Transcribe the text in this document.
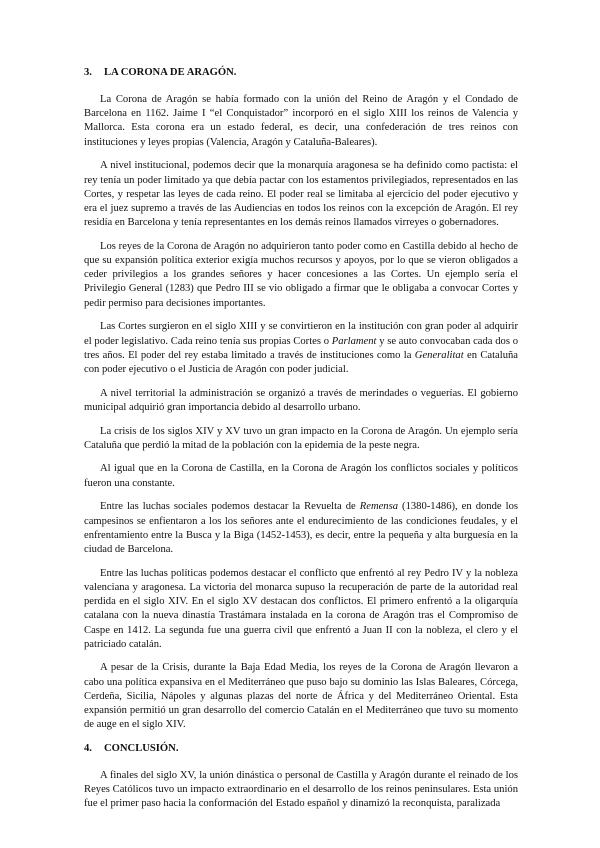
3. LA CORONA DE ARAGÓN.

La Corona de Aragón se había formado con la unión del Reino de Aragón y el Condado de Barcelona en 1162. Jaime I “el Conquistador” incorporó en el siglo XIII los reinos de Valencia y Mallorca. Esta corona era un estado federal, es decir, una confederación de tres reinos con instituciones y leyes propias (Valencia, Aragón y Cataluña-Baleares).

A nivel institucional, podemos decir que la monarquía aragonesa se ha definido como pactista: el rey tenía un poder limitado ya que debía pactar con los estamentos privilegiados, representados en las Cortes, y respetar las leyes de cada reino. El poder real se limitaba al ejercicio del poder ejecutivo y era el juez supremo a través de las Audiencias en todos los reinos con la excepción de Aragón. El rey residía en Barcelona y tenía representantes en los demás reinos llamados virreyes o gobernadores.

Los reyes de la Corona de Aragón no adquirieron tanto poder como en Castilla debido al hecho de que su expansión política exterior exigía muchos recursos y apoyos, por lo que se vieron obligados a ceder privilegios a los grandes señores y hacer concesiones a las Cortes. Un ejemplo sería el Privilegio General (1283) que Pedro III se vio obligado a firmar que le obligaba a convocar Cortes y pedir permiso para decisiones importantes.

Las Cortes surgieron en el siglo XIII y se convirtieron en la institución con gran poder al adquirir el poder legislativo. Cada reino tenía sus propias Cortes o Parlament y se auto convocaban cada dos o tres años. El poder del rey estaba limitado a través de instituciones como la Generalitat en Cataluña con poder ejecutivo o el Justicia de Aragón con poder judicial.

A nivel territorial la administración se organizó a través de merindades o veguerías. El gobierno municipal adquirió gran importancia debido al desarrollo urbano.

La crisis de los siglos XIV y XV tuvo un gran impacto en la Corona de Aragón. Un ejemplo sería Cataluña que perdió la mitad de la población con la epidemia de la peste negra.

Al igual que en la Corona de Castilla, en la Corona de Aragón los conflictos sociales y políticos fueron una constante.

Entre las luchas sociales podemos destacar la Revuelta de Remensa (1380-1486), en donde los campesinos se enfientaron a los los señores ante el endurecimiento de las condiciones feudales, y el enfrentamiento entre la Busca y la Biga (1452-1453), es decir, entre la pequeña y alta burguesía en la ciudad de Barcelona.

Entre las luchas políticas podemos destacar el conflicto que enfrentó al rey Pedro IV y la nobleza valenciana y aragonesa. La victoria del monarca supuso la recuperación de parte de la autoridad real perdida en el siglo XIV. En el siglo XV destacan dos conflictos. El primero enfrentó a la oligarquía catalana con la nueva dinastía Trastámara instalada en la corona de Aragón tras el Compromiso de Caspe en 1412. La segunda fue una guerra civil que enfrentó a Juan II con la nobleza, el clero y el patriciado catalán.

A pesar de la Crisis, durante la Baja Edad Media, los reyes de la Corona de Aragón llevaron a cabo una política expansiva en el Mediterráneo que puso bajo su dominio las Islas Baleares, Córcega, Cerdeña, Sicilia, Nápoles y algunas plazas del norte de África y del Mediterráneo Oriental. Esta expansión permitió un gran desarrollo del comercio Catalán en el Mediterráneo que tuvo su momento de auge en el siglo XIV.

4. CONCLUSIÓN.

A finales del siglo XV, la unión dinástica o personal de Castilla y Aragón durante el reinado de los Reyes Católicos tuvo un impacto extraordinario en el desarrollo de los reinos peninsulares. Esta unión fue el primer paso hacia la conformación del Estado español y dinamizó la reconquista, paralizada
